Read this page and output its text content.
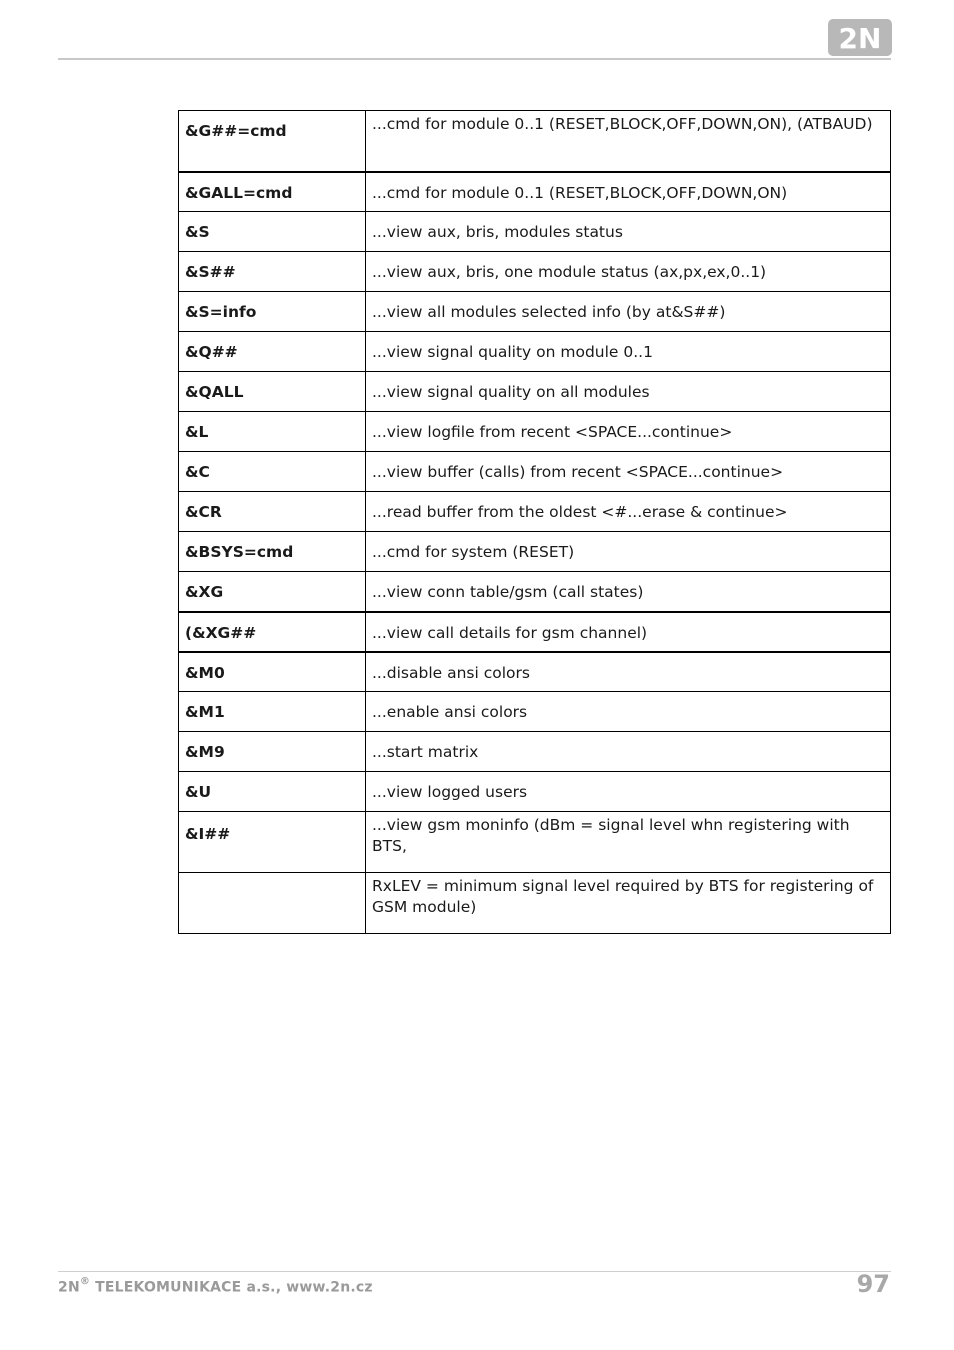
2N
&G##=cmd	...cmd for module 0..1 (RESET,BLOCK,OFF,DOWN,ON), (ATBAUD)
&GALL=cmd	...cmd for module 0..1 (RESET,BLOCK,OFF,DOWN,ON)
&S	...view aux, bris, modules status
&S##	...view aux, bris, one module status (ax,px,ex,0..1)
&S=info	...view all modules selected info (by at&S##)
&Q##	...view signal quality on module 0..1
&QALL	...view signal quality on all modules
&L	...view logfile from recent <SPACE...continue>
&C	...view buffer (calls) from recent <SPACE...continue>
&CR	...read buffer from the oldest <#...erase & continue>
&BSYS=cmd	...cmd for system (RESET)
&XG	...view conn table/gsm (call states)
(&XG##	...view call details for gsm channel)
&M0	...disable ansi colors
&M1	...enable ansi colors
&M9	...start matrix
&U	...view logged users
&I##	...view gsm moninfo (dBm = signal level whn registering with BTS,
	RxLEV = minimum signal level required by BTS for registering of GSM module)
2N® TELEKOMUNIKACE a.s., www.2n.cz	97
